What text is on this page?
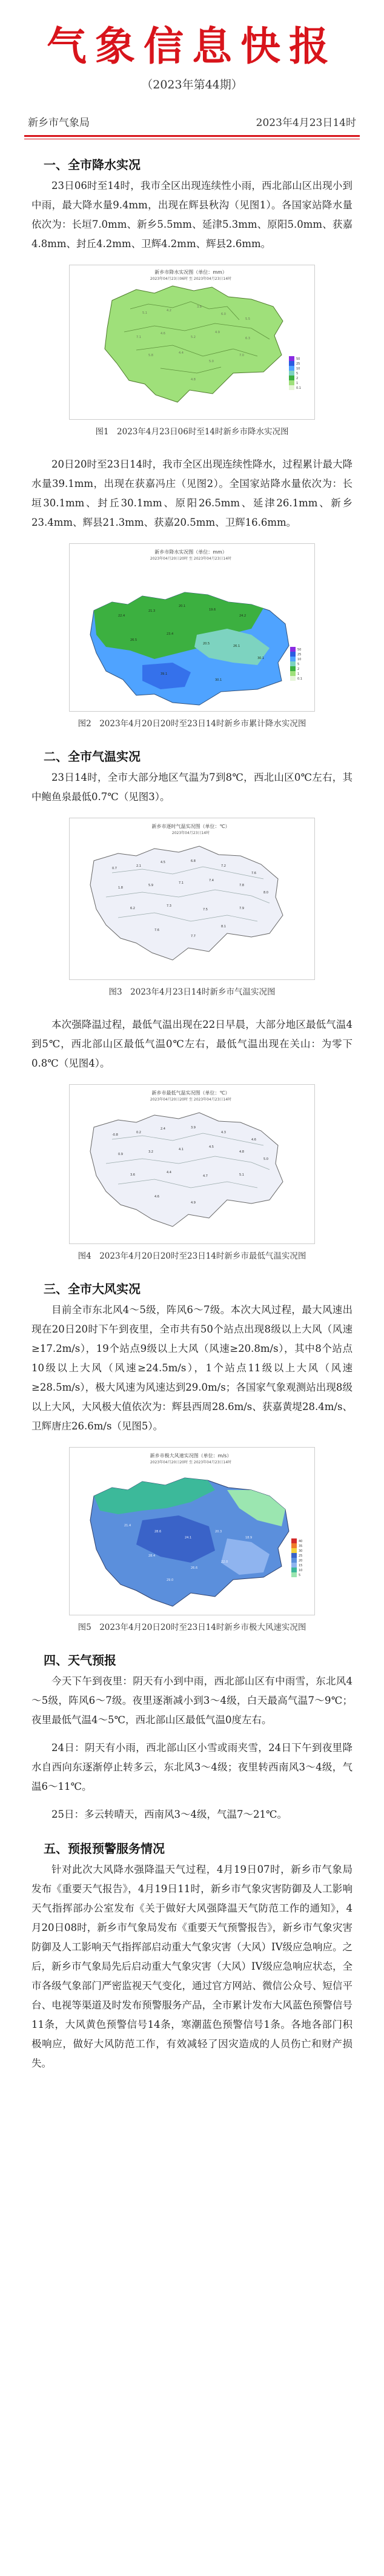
气象信息快报
（2023年第44期）
新乡市气象局	2023年4月23日14时
一、全市降水实况
23日06时至14时，我市全区出现连续性小雨，西北部山区出现小到中雨，最大降水量9.4mm，出现在辉县秋沟（见图1）。各国家站降水量依次为：长垣7.0mm、新乡5.5mm、延津5.3mm、原阳5.0mm、获嘉4.8mm、封丘4.2mm、卫辉4.2mm、辉县2.6mm。
5.1
4.2
3.8
6.0
5.5
7.1
4.6
5.2
4.9
6.3
5.8
4.4
5.0
7.0
4.8
新乡市降水实况图（单位：mm）
2023年04月23日06时 至 2023年04月23日14时
50
25
10
5
2
1
0.1
图1　2023年4月23日06时至14时新乡市降水实况图
20日20时至23日14时，我市全区出现连续性降水，过程累计最大降水量39.1mm，出现在获嘉冯庄（见图2）。全国家站降水量依次为：长垣30.1mm、封丘30.1mm、原阳26.5mm、延津26.1mm、新乡23.4mm、辉县21.3mm、获嘉20.5mm、卫辉16.6mm。
22.4
21.3
20.1
19.6
24.2
26.5
23.4
20.5
26.1
30.1
39.1
30.1
新乡市降水实况图（单位：mm）
2023年04月20日20时 至 2023年04月23日14时
50
25
10
5
2
1
0.1
图2　2023年4月20日20时至23日14时新乡市累计降水实况图
二、全市气温实况
23日14时，全市大部分地区气温为7到8℃，西北山区0℃左右，其中鲍鱼泉最低0.7℃（见图3）。
0.7
2.1
4.5	6.8
7.2
7.6
1.8
5.9
7.1
7.4
7.8
8.0
6.2
7.3
7.5	7.9
7.6
7.7
8.1
新乡市逐时气温实况图（单位：℃）
2023年04月23日14时
图3　2023年4月23日14时新乡市气温实况图
本次强降温过程，最低气温出现在22日早晨，大部分地区最低气温4到5℃，西北部山区最低气温0℃左右，最低气温出现在关山：为零下0.8℃（见图4）。
-0.8
0.2
2.4	3.9
4.3
4.6
0.9
3.2
4.1
4.5
4.8
5.0
3.6
4.4
4.7	5.1
4.6
4.9
新乡市最低气温实况图（单位：℃）
2023年04月20日20时 至 2023年04月23日14时
图4　2023年4月20日20时至23日14时新乡市最低气温实况图
三、全市大风实况
目前全市东北风4～5级，阵风6～7级。本次大风过程，最大风速出现在20日20时下午到夜里，全市共有50个站点出现8级以上大风（风速≥17.2m/s），19个站点9级以上大风（风速≥20.8m/s），其中8个站点10级以上大风（风速≥24.5m/s），1个站点11级以上大风（风速≥28.5m/s），极大风速为风速达到29.0m/s；各国家气象观测站出现8级以上大风，大风极大值依次为：辉县西周28.6m/s、获嘉黄堤28.4m/s、卫辉唐庄26.6m/s（见图5）。
21.4
28.6
24.1
20.3
18.9
28.4
26.6
22.0
29.0
新乡市极大风速实况图（单位：m/s）
2023年04月20日20时 至 2023年04月23日14时
40
35
30
25
20
15
10
5
图5　2023年4月20日20时至23日14时新乡市极大风速实况图
四、天气预报
今天下午到夜里：阴天有小到中雨，西北部山区有中雨雪，东北风4～5级，阵风6～7级。夜里逐渐减小到3～4级，白天最高气温7～9℃；夜里最低气温4～5℃，西北部山区最低气温0度左右。
24日：阴天有小雨，西北部山区小雪或雨夹雪，24日下午到夜里降水自西向东逐渐停止转多云，东北风3～4级；夜里转西南风3～4级，气温6～11℃。
25日：多云转晴天，西南风3～4级，气温7～21℃。
五、预报预警服务情况
针对此次大风降水强降温天气过程，4月19日07时，新乡市气象局发布《重要天气报告》，4月19日11时，新乡市气象灾害防御及人工影响天气指挥部办公室发布《关于做好大风强降温天气防范工作的通知》，4月20日08时，新乡市气象局发布《重要天气预警报告》，新乡市气象灾害防御及人工影响天气指挥部启动重大气象灾害（大风）IV级应急响应。之后，新乡市气象局先后启动重大气象灾害（大风）IV级应急响应状态，全市各级气象部门严密监视天气变化，通过官方网站、微信公众号、短信平台、电视等渠道及时发布预警服务产品，全市累计发布大风蓝色预警信号11条，大风黄色预警信号14条，寒潮蓝色预警信号1条。各地各部门积极响应，做好大风防范工作，有效减轻了因灾造成的人员伤亡和财产损失。
